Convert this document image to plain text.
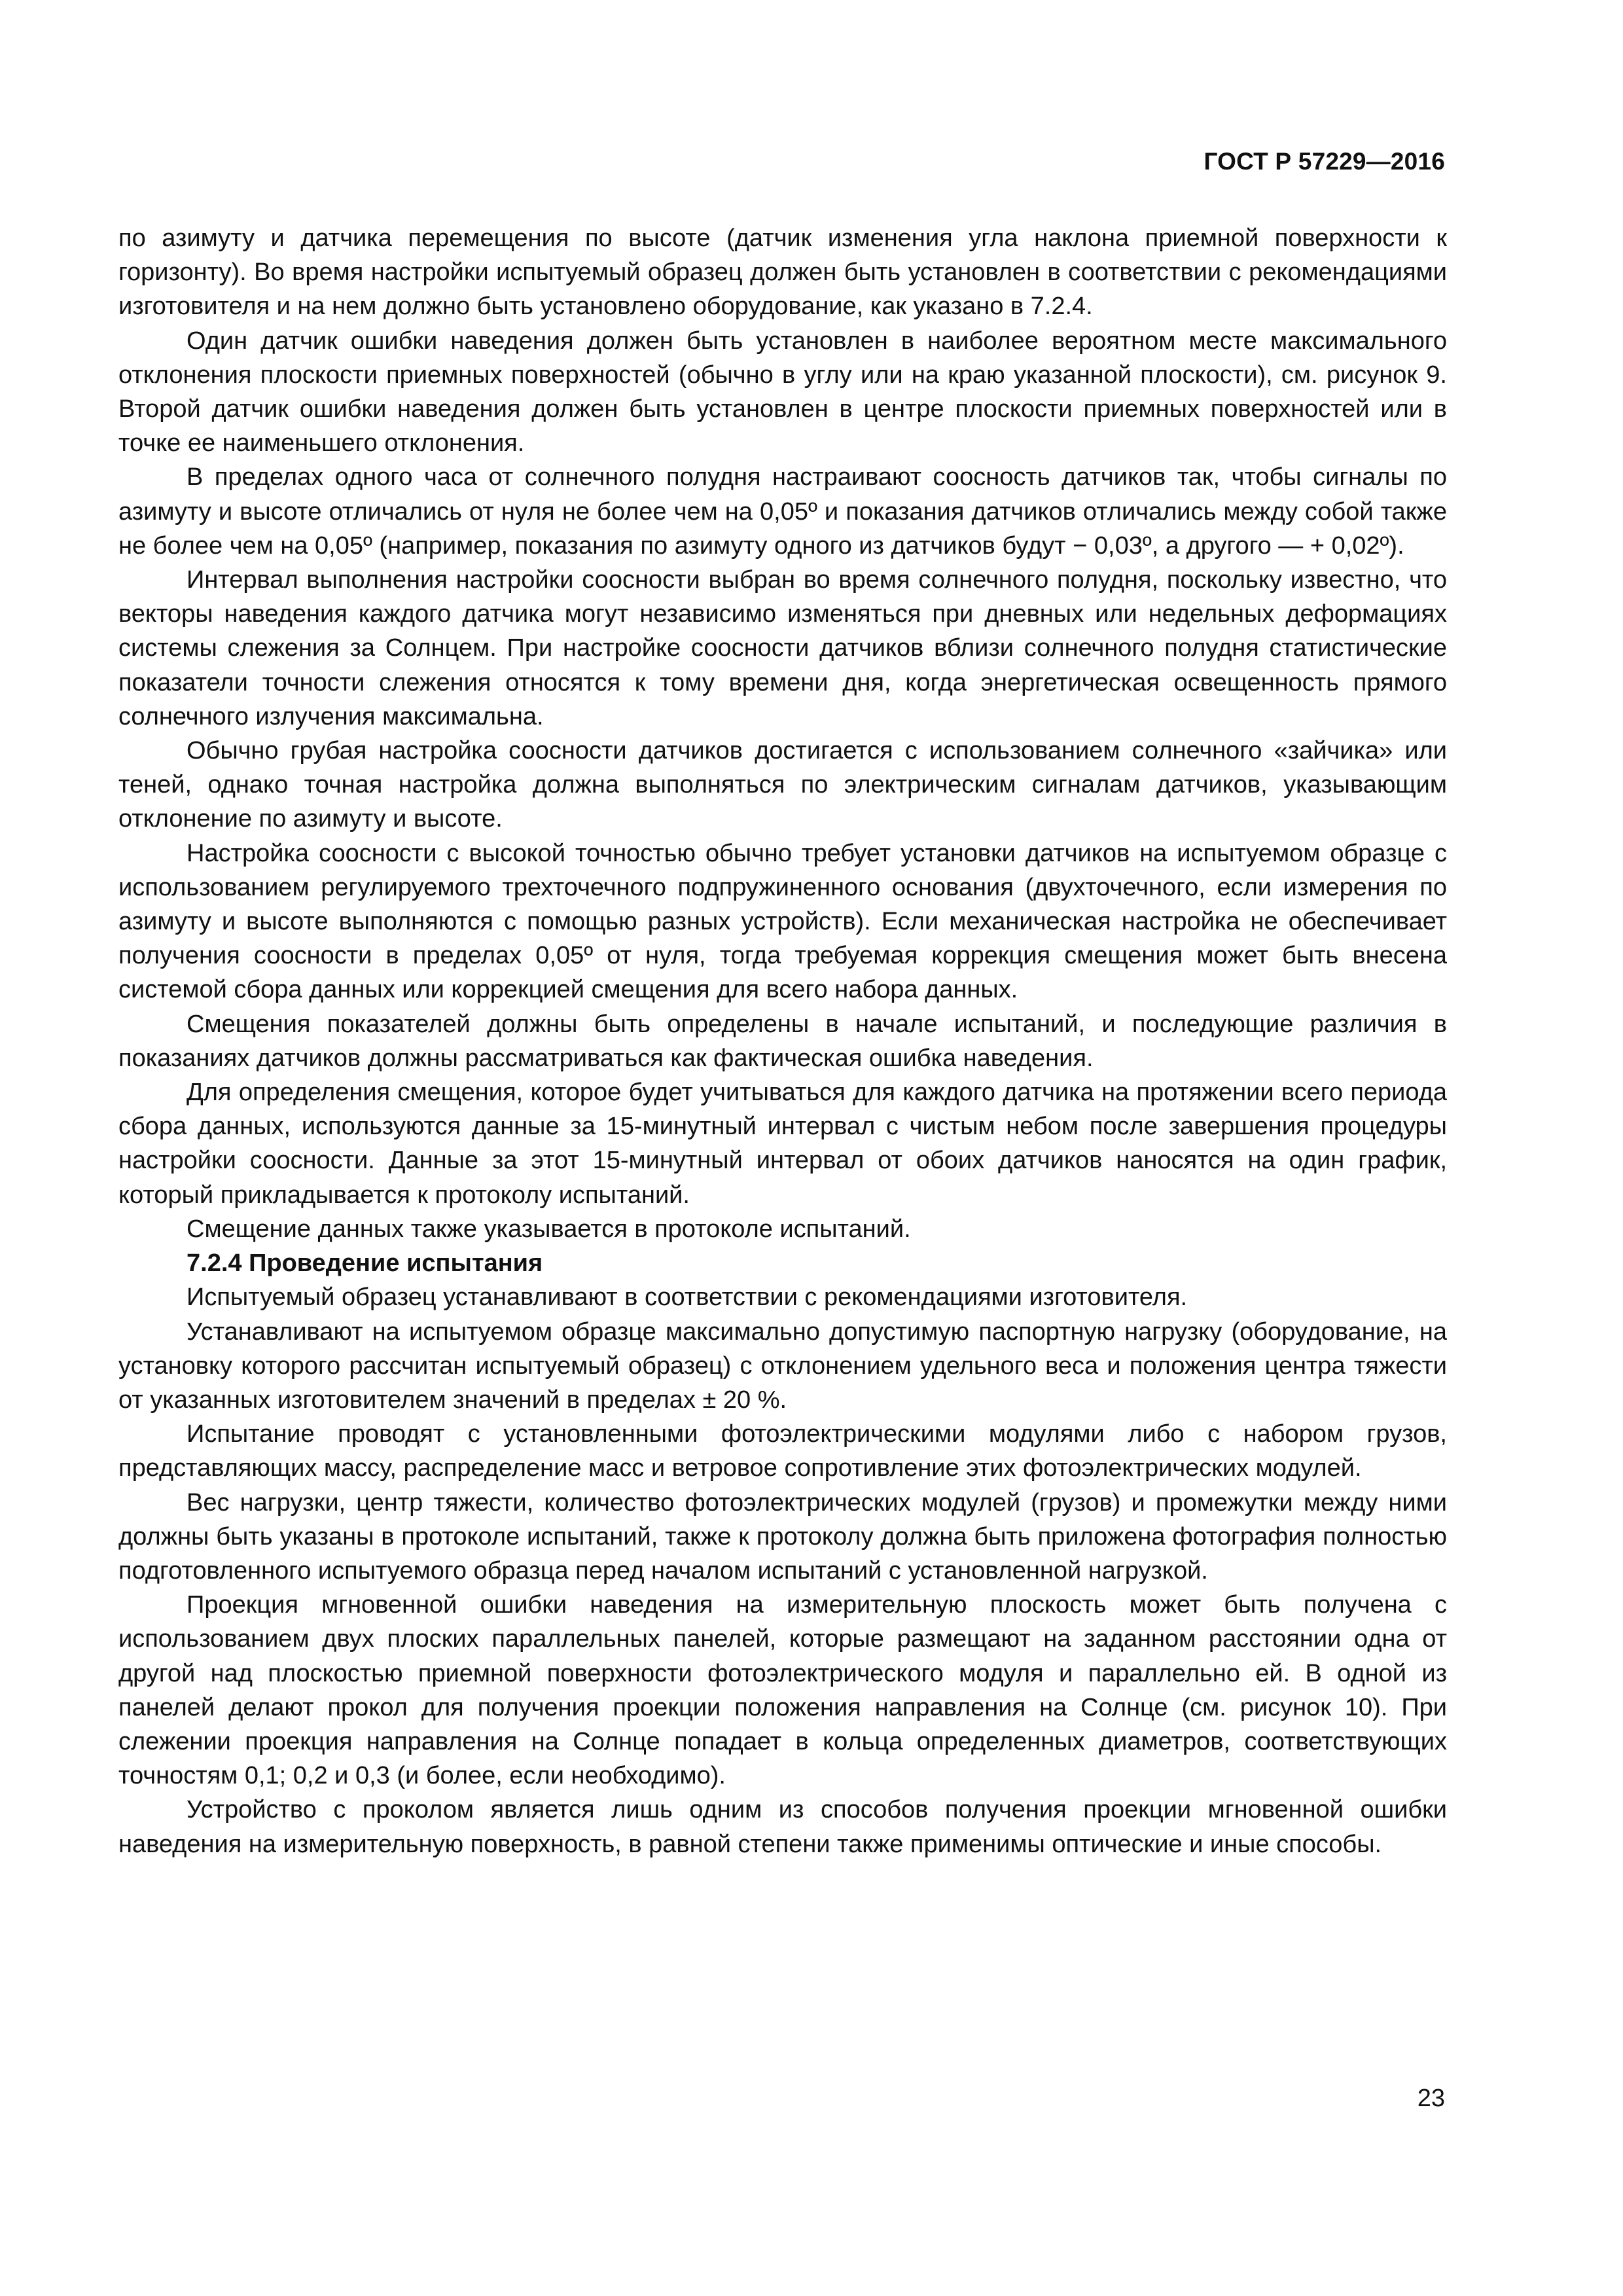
ГОСТ Р 57229—2016

по азимуту и датчика перемещения по высоте (датчик изменения угла наклона приемной поверхности к горизонту). Во время настройки испытуемый образец должен быть установлен в соответствии с рекомендациями изготовителя и на нем должно быть установлено оборудование, как указано в 7.2.4.

Один датчик ошибки наведения должен быть установлен в наиболее вероятном месте максимального отклонения плоскости приемных поверхностей (обычно в углу или на краю указанной плоскости), см. рисунок 9. Второй датчик ошибки наведения должен быть установлен в центре плоскости приемных поверхностей или в точке ее наименьшего отклонения.

В пределах одного часа от солнечного полудня настраивают соосность датчиков так, чтобы сигналы по азимуту и высоте отличались от нуля не более чем на 0,05º и показания датчиков отличались между собой также не более чем на 0,05º (например, показания по азимуту одного из датчиков будут − 0,03º, а другого — + 0,02º).

Интервал выполнения настройки соосности выбран во время солнечного полудня, поскольку известно, что векторы наведения каждого датчика могут независимо изменяться при дневных или недельных деформациях системы слежения за Солнцем. При настройке соосности датчиков вблизи солнечного полудня статистические показатели точности слежения относятся к тому времени дня, когда энергетическая освещенность прямого солнечного излучения максимальна.

Обычно грубая настройка соосности датчиков достигается с использованием солнечного «зайчика» или теней, однако точная настройка должна выполняться по электрическим сигналам датчиков, указывающим отклонение по азимуту и высоте.

Настройка соосности с высокой точностью обычно требует установки датчиков на испытуемом образце с использованием регулируемого трехточечного подпружиненного основания (двухточечного, если измерения по азимуту и высоте выполняются с помощью разных устройств). Если механическая настройка не обеспечивает получения соосности в пределах 0,05º от нуля, тогда требуемая коррекция смещения может быть внесена системой сбора данных или коррекцией смещения для всего набора данных.

Смещения показателей должны быть определены в начале испытаний, и последующие различия в показаниях датчиков должны рассматриваться как фактическая ошибка наведения.

Для определения смещения, которое будет учитываться для каждого датчика на протяжении всего периода сбора данных, используются данные за 15-минутный интервал с чистым небом после завершения процедуры настройки соосности. Данные за этот 15-минутный интервал от обоих датчиков наносятся на один график, который прикладывается к протоколу испытаний.

Смещение данных также указывается в протоколе испытаний.

7.2.4 Проведение испытания

Испытуемый образец устанавливают в соответствии с рекомендациями изготовителя.

Устанавливают на испытуемом образце максимально допустимую паспортную нагрузку (оборудование, на установку которого рассчитан испытуемый образец) с отклонением удельного веса и положения центра тяжести от указанных изготовителем значений в пределах ± 20 %.

Испытание проводят с установленными фотоэлектрическими модулями либо с набором грузов, представляющих массу, распределение масс и ветровое сопротивление этих фотоэлектрических модулей.

Вес нагрузки, центр тяжести, количество фотоэлектрических модулей (грузов) и промежутки между ними должны быть указаны в протоколе испытаний, также к протоколу должна быть приложена фотография полностью подготовленного испытуемого образца перед началом испытаний с установленной нагрузкой.

Проекция мгновенной ошибки наведения на измерительную плоскость может быть получена с использованием двух плоских параллельных панелей, которые размещают на заданном расстоянии одна от другой над плоскостью приемной поверхности фотоэлектрического модуля и параллельно ей. В одной из панелей делают прокол для получения проекции положения направления на Солнце (см. рисунок 10). При слежении проекция направления на Солнце попадает в кольца определенных диаметров, соответствующих точностям 0,1; 0,2 и 0,3 (и более, если необходимо).

Устройство с проколом является лишь одним из способов получения проекции мгновенной ошибки наведения на измерительную поверхность, в равной степени также применимы оптические и иные способы.

23
